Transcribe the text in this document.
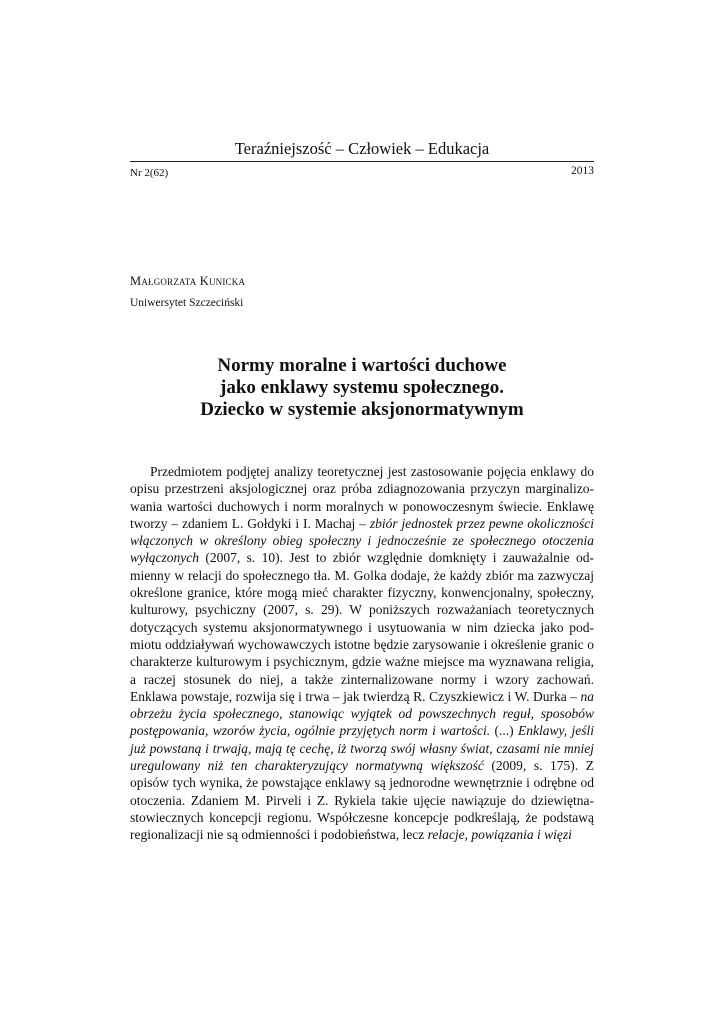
Teraźniejszość – Człowiek – Edukacja
Nr 2(62)	2013
Małgorzata Kunicka
Uniwersytet Szczeciński
Normy moralne i wartości duchowe
jako enklawy systemu społecznego.
Dziecko w systemie aksjonormatywnym

Przedmiotem podjętej analizy teoretycznej jest zastosowanie pojęcia enklawy do opisu przestrzeni aksjologicznej oraz próba zdiagnozowania przyczyn marginalizowania wartości duchowych i norm moralnych w ponowoczesnym świecie. Enklawę tworzy – zdaniem L. Gołdyki i I. Machaj – zbiór jednostek przez pewne okoliczności włączonych w określony obieg społeczny i jednocześnie ze społecznego otoczenia wyłączonych (2007, s. 10). Jest to zbiór względnie domknięty i zauważalnie odmienny w relacji do społecznego tła. M. Golka dodaje, że każdy zbiór ma zazwyczaj określone granice, które mogą mieć charakter fizyczny, konwencjonalny, społeczny, kulturowy, psychiczny (2007, s. 29). W poniższych rozważaniach teoretycznych dotyczących systemu aksjonormatywnego i usytuowania w nim dziecka jako podmiotu oddziaływań wychowawczych istotne będzie zarysowanie i określenie granic o charakterze kulturowym i psychicznym, gdzie ważne miejsce ma wyznawana religia, a raczej stosunek do niej, a także zinternalizowane normy i wzory zachowań. Enklawa powstaje, rozwija się i trwa – jak twierdzą R. Czyszkiewicz i W. Durka – na obrzeżu życia społecznego, stanowiąc wyjątek od powszechnych reguł, sposobów postępowania, wzorów życia, ogólnie przyjętych norm i wartości. (...) Enklawy, jeśli już powstaną i trwają, mają tę cechę, iż tworzą swój własny świat, czasami nie mniej uregulowany niż ten charakteryzujący normatywną większość (2009, s. 175). Z opisów tych wynika, że powstające enklawy są jednorodne wewnętrznie i odrębne od otoczenia. Zdaniem M. Pirveli i Z. Rykiela takie ujęcie nawiązuje do dziewiętnastowiecznych koncepcji regionu. Współczesne koncepcje podkreślają, że podstawą regionalizacji nie są odmienności i podobieństwa, lecz relacje, powiązania i więzi
